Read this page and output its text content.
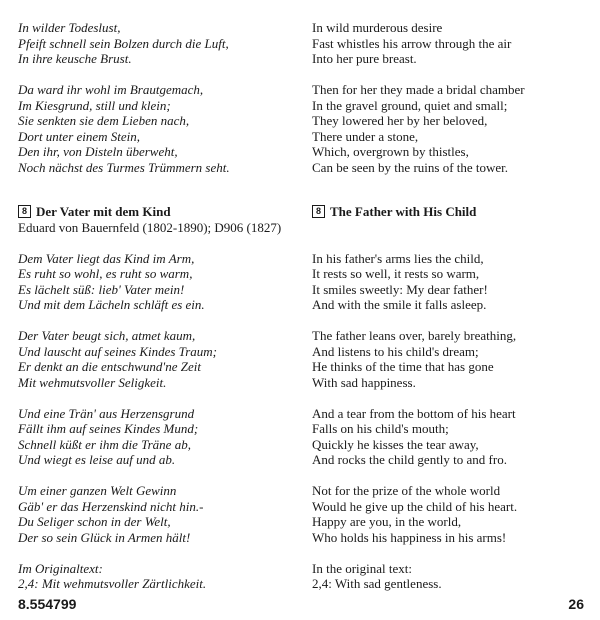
In wilder Todeslust,
Pfeift schnell sein Bolzen durch die Luft,
In ihre keusche Brust.
Da ward ihr wohl im Brautgemach,
Im Kiesgrund, still und klein;
Sie senkten sie dem Lieben nach,
Dort unter einem Stein,
Den ihr, von Disteln überweht,
Noch nächst des Turmes Trümmern seht.
8 Der Vater mit dem Kind
Eduard von Bauernfeld (1802-1890); D906 (1827)
Dem Vater liegt das Kind im Arm,
Es ruht so wohl, es ruht so warm,
Es lächelt süß: lieb' Vater mein!
Und mit dem Lächeln schläft es ein.
Der Vater beugt sich, atmet kaum,
Und lauscht auf seines Kindes Traum;
Er denkt an die entschwund'ne Zeit
Mit wehmutsvoller Seligkeit.
Und eine Trän' aus Herzensgrund
Fällt ihm auf seines Kindes Mund;
Schnell küßt er ihm die Träne ab,
Und wiegt es leise auf und ab.
Um einer ganzen Welt Gewinn
Gäb' er das Herzenskind nicht hin.-
Du Seliger schon in der Welt,
Der so sein Glück in Armen hält!
Im Originaltext:
2,4: Mit wehmutsvoller Zärtlichkeit.
In wild murderous desire
Fast whistles his arrow through the air
Into her pure breast.
Then for her they made a bridal chamber
In the gravel ground, quiet and small;
They lowered her by her beloved,
There under a stone,
Which, overgrown by thistles,
Can be seen by the ruins of the tower.
8 The Father with His Child

In his father's arms lies the child,
It rests so well, it rests so warm,
It smiles sweetly: My dear father!
And with the smile it falls asleep.
The father leans over, barely breathing,
And listens to his child's dream;
He thinks of the time that has gone
With sad happiness.
And a tear from the bottom of his heart
Falls on his child's mouth;
Quickly he kisses the tear away,
And rocks the child gently to and fro.
Not for the prize of the whole world
Would he give up the child of his heart.
Happy are you, in the world,
Who holds his happiness in his arms!
In the original text:
2,4: With sad gentleness.
8.554799	26
